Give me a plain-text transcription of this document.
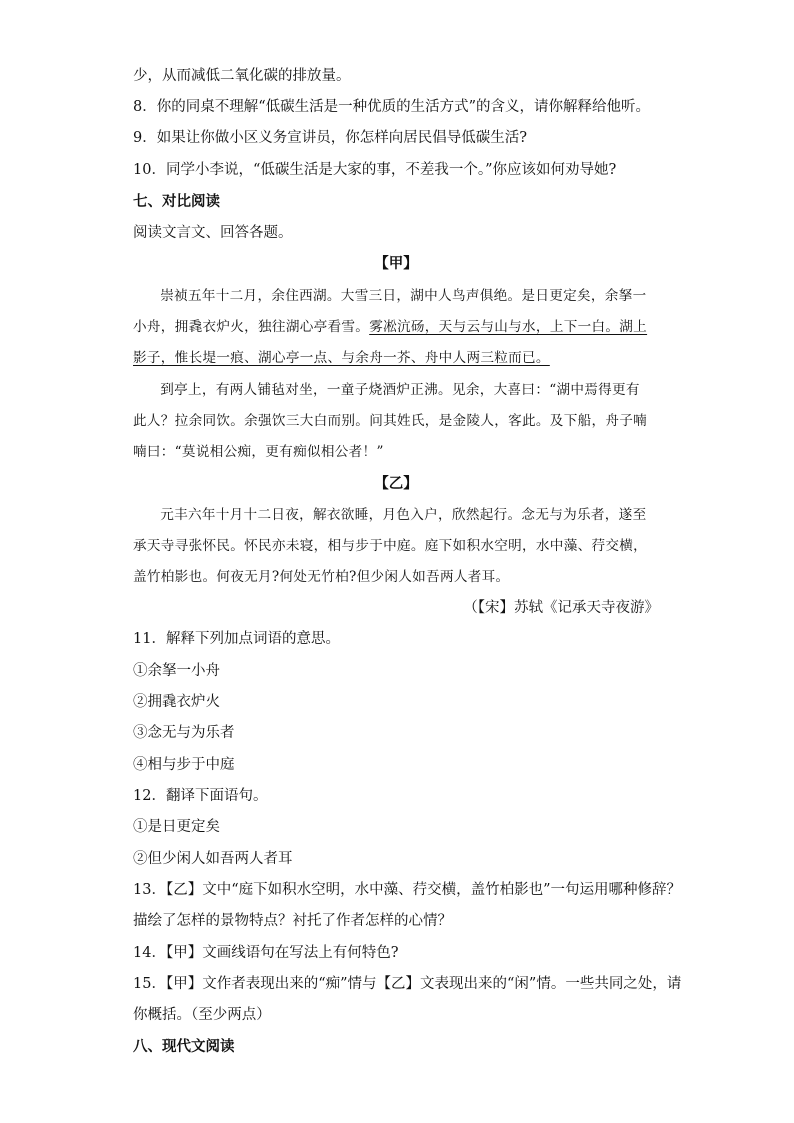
少，从而减低二氧化碳的排放量。
8．你的同桌不理解“低碳生活是一种优质的生活方式”的含义，请你解释给他听。
9．如果让你做小区义务宣讲员，你怎样向居民倡导低碳生活?
10．同学小李说，“低碳生活是大家的事，不差我一个。”你应该如何劝导她?
七、对比阅读
阅读文言文、回答各题。
【甲】
崇祯五年十二月，余住西湖。大雪三日，湖中人鸟声俱绝。是日更定矣，余拏一
小舟，拥毳衣炉火，独往湖心亭看雪。雾凇沆砀，天与云与山与水，上下一白。湖上
影子，惟长堤一痕、湖心亭一点、与余舟一芥、舟中人两三粒而已。
到亭上，有两人铺毡对坐，一童子烧酒炉正沸。见余，大喜曰：“湖中焉得更有
此人？拉余同饮。余强饮三大白而别。问其姓氏，是金陵人，客此。及下船，舟子喃
喃曰：“莫说相公痴，更有痴似相公者！”
【乙】
元丰六年十月十二日夜，解衣欲睡，月色入户，欣然起行。念无与为乐者，遂至
承天寺寻张怀民。怀民亦未寝，相与步于中庭。庭下如积水空明，水中藻、荇交横，
盖竹柏影也。何夜无月?何处无竹柏?但少闲人如吾两人者耳。
（【宋】苏轼《记承天寺夜游》
11．解释下列加点词语的意思。
①余拏一小舟
②拥毳衣炉火
③念无与为乐者
④相与步于中庭
12．翻译下面语句。
①是日更定矣
②但少闲人如吾两人者耳
13．【乙】文中“庭下如积水空明，水中藻、荇交横，盖竹柏影也”一句运用哪种修辞？
描绘了怎样的景物特点？衬托了作者怎样的心情？
14．【甲】文画线语句在写法上有何特色?
15．【甲】文作者表现出来的“痴”情与【乙】文表现出来的“闲”情。一些共同之处，请
你概括。（至少两点）
八、现代文阅读
